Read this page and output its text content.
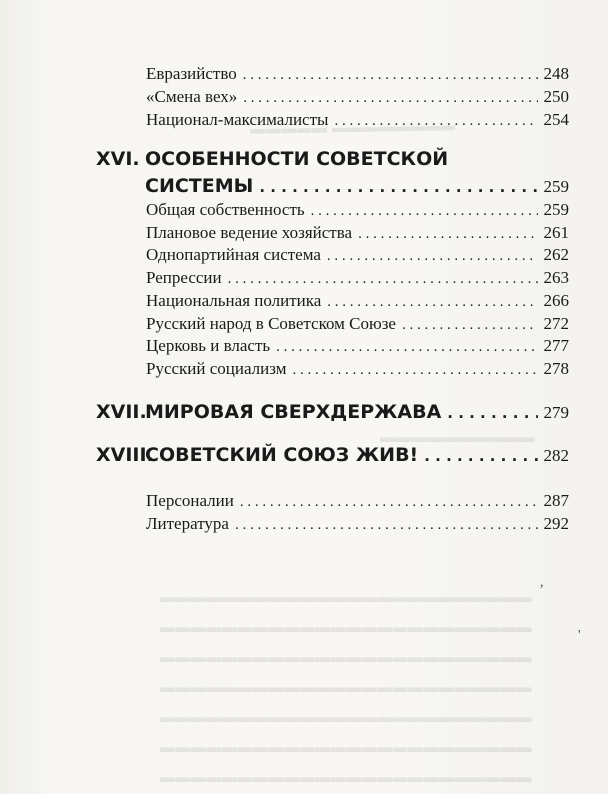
▬▬▬▬▬ ▬▬▬▬▬▬▬▬
▬▬▬▬▬▬▬▬▬▬
▬▬▬▬▬▬▬▬▬▬▬▬▬▬▬▬▬▬▬▬▬▬▬▬
▬▬▬▬▬▬▬▬▬▬▬▬▬▬▬▬▬▬▬▬▬▬▬▬
▬▬▬▬▬▬▬▬▬▬▬▬▬▬▬▬▬▬▬▬▬▬▬▬
▬▬▬▬▬▬▬▬▬▬▬▬▬▬▬▬▬▬▬▬▬▬▬▬
▬▬▬▬▬▬▬▬▬▬▬▬▬▬▬▬▬▬▬▬▬▬▬▬
▬▬▬▬▬▬▬▬▬▬▬▬▬▬▬▬▬▬▬▬▬▬▬▬
▬▬▬▬▬▬▬▬▬▬▬▬▬▬▬▬▬▬▬▬▬▬▬▬
Евразийство . . .	248
«Смена вех» . . .	250
Национал-максималисты . . .	254
XVI. ОСОБЕННОСТИ СОВЕТСКОЙ
СИСТЕМЫ . . .	259
Общая собственность . . .	259
Плановое ведение хозяйства . . .	261
Однопартийная система . . .	262
Репрессии . . .	263
Национальная политика . . .	266
Русский народ в Советском Союзе . . .	272
Церковь и власть . . .	277
Русский социализм . . .	278
XVII.
МИРОВАЯ СВЕРХДЕРЖАВА . . .	279
XVIII.
СОВЕТСКИЙ СОЮЗ ЖИВ! . . .	282
Персоналии . . .	287
Литература . . .	292
,
'
